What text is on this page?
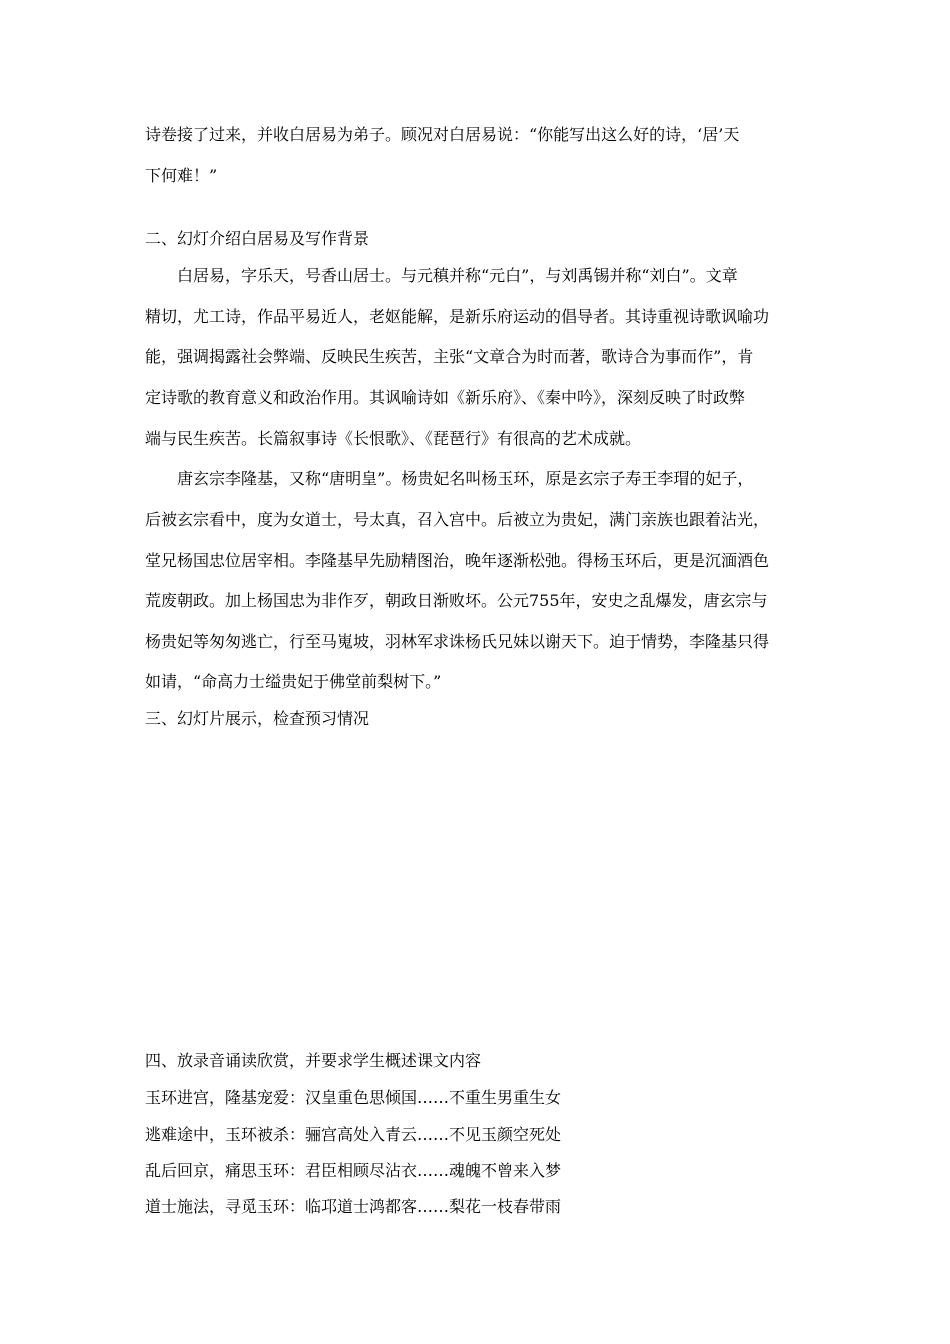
诗卷接了过来，并收白居易为弟子。顾况对白居易说：“你能写出这么好的诗，‘居’天
下何难！”
二、幻灯介绍白居易及写作背景
白居易，字乐天，号香山居士。与元稹并称“元白”，与刘禹锡并称“刘白”。文章
精切，尤工诗，作品平易近人，老妪能解，是新乐府运动的倡导者。其诗重视诗歌讽喻功
能，强调揭露社会弊端、反映民生疾苦，主张“文章合为时而著，歌诗合为事而作”，肯
定诗歌的教育意义和政治作用。其讽喻诗如《新乐府》、《秦中吟》，深刻反映了时政弊
端与民生疾苦。长篇叙事诗《长恨歌》、《琵琶行》有很高的艺术成就。
唐玄宗李隆基，又称“唐明皇”。杨贵妃名叫杨玉环，原是玄宗子寿王李瑁的妃子，
后被玄宗看中，度为女道士，号太真，召入宫中。后被立为贵妃，满门亲族也跟着沾光，
堂兄杨国忠位居宰相。李隆基早先励精图治，晚年逐渐松弛。得杨玉环后，更是沉湎酒色
荒废朝政。加上杨国忠为非作歹，朝政日渐败坏。公元755年，安史之乱爆发，唐玄宗与
杨贵妃等匆匆逃亡，行至马嵬坡，羽林军求诛杨氏兄妹以谢天下。迫于情势，李隆基只得
如请，“命高力士缢贵妃于佛堂前梨树下。”
三、幻灯片展示，检查预习情况
四、放录音诵读欣赏，并要求学生概述课文内容
玉环进宫，隆基宠爱：汉皇重色思倾国……不重生男重生女
逃难途中，玉环被杀：骊宫高处入青云……不见玉颜空死处
乱后回京，痛思玉环：君臣相顾尽沾衣……魂魄不曾来入梦
道士施法，寻觅玉环：临邛道士鸿都客……梨花一枝春带雨
